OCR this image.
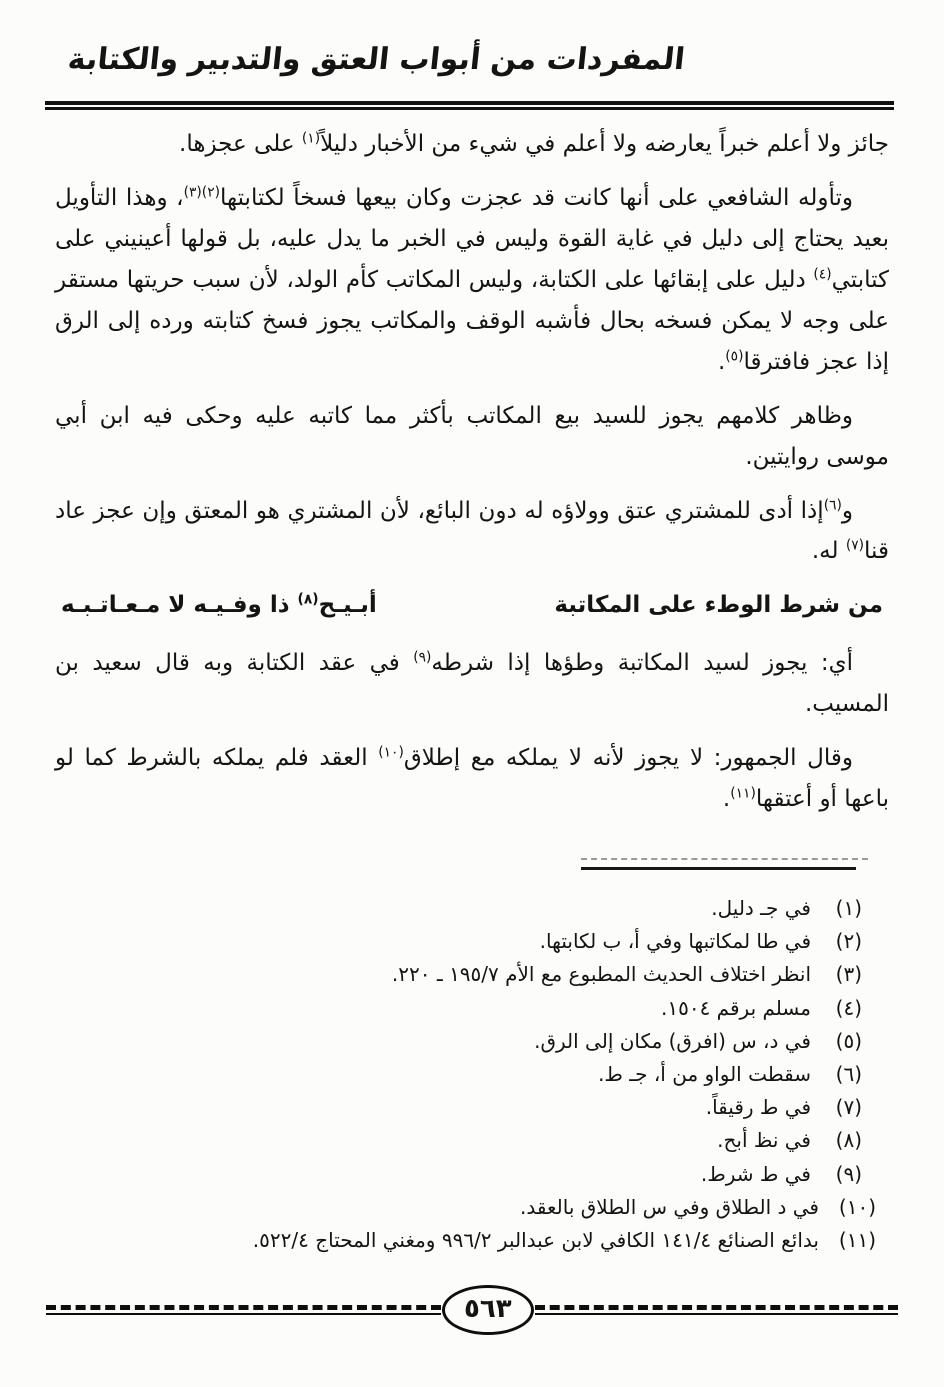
المفردات من أبواب العتق والتدبير والكتابة

جائز ولا أعلم خبراً يعارضه ولا أعلم في شيء من الأخبار دليلاً$^{(١)}$ على عجزها.

وتأوله الشافعي على أنها كانت قد عجزت وكان بيعها فسخاً لكتابتها$^{(٢)(٣)}$، وهذا التأويل بعيد يحتاج إلى دليل في غاية القوة وليس في الخبر ما يدل عليه، بل قولها أعينيني على كتابتي$^{(٤)}$ دليل على إبقائها على الكتابة، وليس المكاتب كأم الولد، لأن سبب حريتها مستقر على وجه لا يمكن فسخه بحال فأشبه الوقف والمكاتب يجوز فسخ كتابته ورده إلى الرق إذا عجز فافترقا$^{(٥)}$.

وظاهر كلامهم يجوز للسيد بيع المكاتب بأكثر مما كاتبه عليه وحكى فيه ابن أبي موسى روايتين.

و$^{(٦)}$إذا أدى للمشتري عتق وولاؤه له دون البائع، لأن المشتري هو المعتق وإن عجز عاد قنا$^{(٧)}$ له.

من شرط الوطء على المكاتبة
أبـيـح$^{(٨)}$ ذا وفـيـه لا مـعـاتـبـه

أي: يجوز لسيد المكاتبة وطؤها إذا شرطه$^{(٩)}$ في عقد الكتابة وبه قال سعيد بن المسيب.

وقال الجمهور: لا يجوز لأنه لا يملكه مع إطلاق$^{(١٠)}$ العقد فلم يملكه بالشرط كما لو باعها أو أعتقها$^{(١١)}$.

(١)
في جـ دليل.
(٢)
في طا لمكاتبها وفي أ، ب لكابتها.
(٣)
انظر اختلاف الحديث المطبوع مع الأم ١٩٥/٧ ـ ٢٢٠.
(٤)
مسلم برقم ١٥٠٤.
(٥)
في د، س (افرق) مكان إلى الرق.
(٦)
سقطت الواو من أ، جـ ط.
(٧)
في ط رقيقاً.
(٨)
في نظ أبح.
(٩)
في ط شرط.
(١٠)
في د الطلاق وفي س الطلاق بالعقد.
(١١)
بدائع الصنائع ١٤١/٤ الكافي لابن عبدالبر ٩٩٦/٢ ومغني المحتاج ٥٢٢/٤.
٥٦٣
